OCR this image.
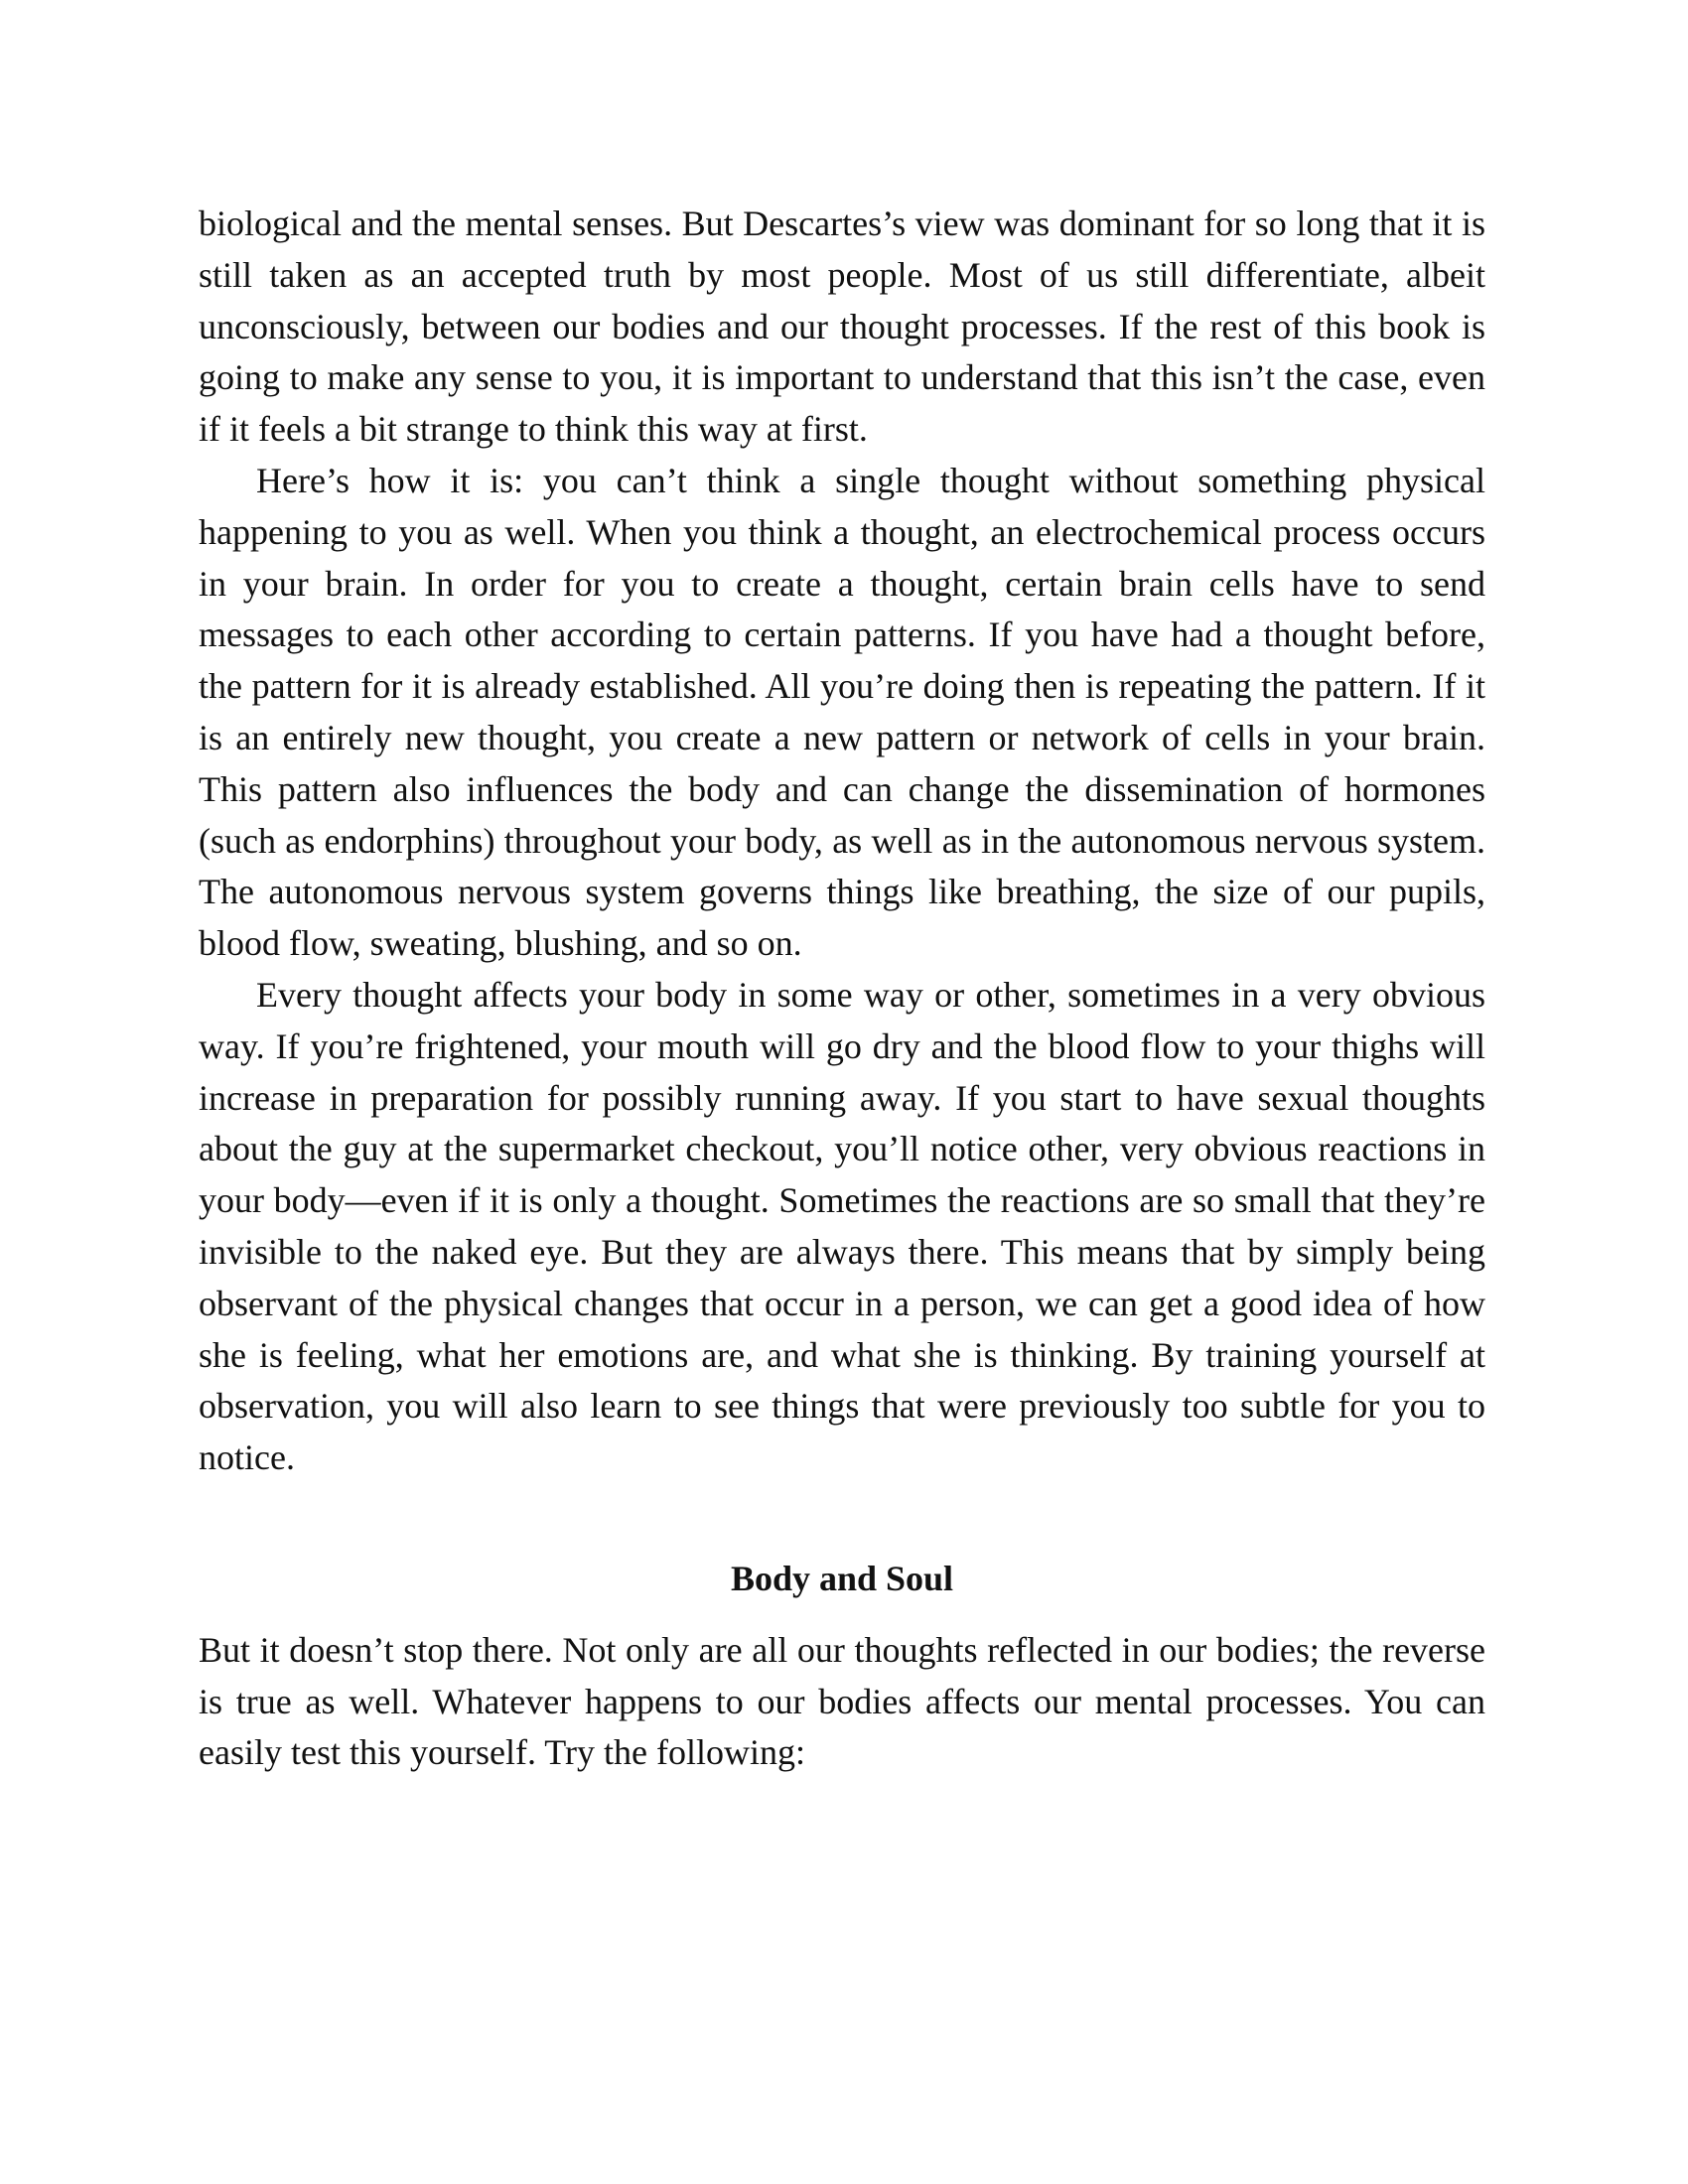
biological and the mental senses. But Descartes’s view was dominant for so long that it is still taken as an accepted truth by most people. Most of us still differentiate, albeit unconsciously, between our bodies and our thought processes. If the rest of this book is going to make any sense to you, it is important to understand that this isn’t the case, even if it feels a bit strange to think this way at first.

Here’s how it is: you can’t think a single thought without something physical happening to you as well. When you think a thought, an electrochemical process occurs in your brain. In order for you to create a thought, certain brain cells have to send messages to each other according to certain patterns. If you have had a thought before, the pattern for it is already established. All you’re doing then is repeating the pattern. If it is an entirely new thought, you create a new pattern or network of cells in your brain. This pattern also influences the body and can change the dissemination of hormones (such as endorphins) throughout your body, as well as in the autonomous nervous system. The autonomous nervous system governs things like breathing, the size of our pupils, blood flow, sweating, blushing, and so on.

Every thought affects your body in some way or other, sometimes in a very obvious way. If you’re frightened, your mouth will go dry and the blood flow to your thighs will increase in preparation for possibly running away. If you start to have sexual thoughts about the guy at the supermarket checkout, you’ll notice other, very obvious reactions in your body—even if it is only a thought. Sometimes the reactions are so small that they’re invisible to the naked eye. But they are always there. This means that by simply being observant of the physical changes that occur in a person, we can get a good idea of how she is feeling, what her emotions are, and what she is thinking. By training yourself at observation, you will also learn to see things that were previously too subtle for you to notice.

Body and Soul

But it doesn’t stop there. Not only are all our thoughts reflected in our bodies; the reverse is true as well. Whatever happens to our bodies affects our mental processes. You can easily test this yourself. Try the following:
